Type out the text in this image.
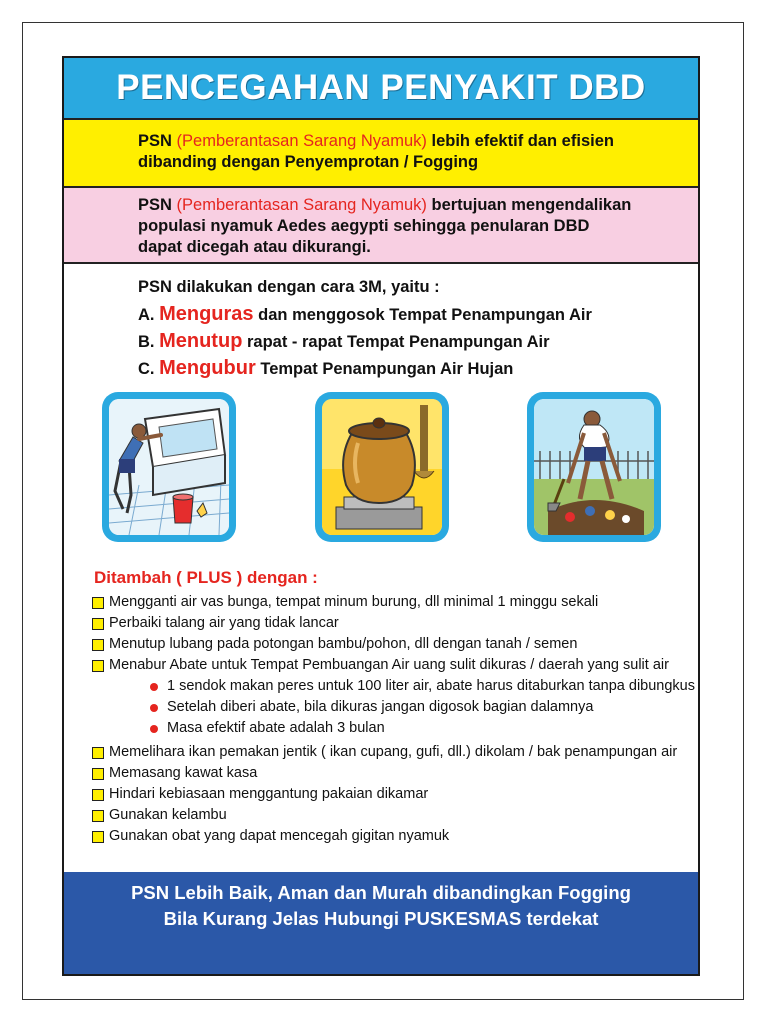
PENCEGAHAN PENYAKIT DBD
PSN (Pemberantasan Sarang Nyamuk) lebih efektif dan efisien
dibanding dengan Penyemprotan / Fogging
PSN (Pemberantasan Sarang Nyamuk) bertujuan mengendalikan
populasi nyamuk Aedes aegypti sehingga penularan DBD
dapat dicegah atau dikurangi.
PSN dilakukan dengan cara 3M, yaitu :
A. Menguras dan menggosok Tempat Penampungan Air
B. Menutup rapat - rapat Tempat Penampungan Air
C. Mengubur Tempat Penampungan Air Hujan
Ditambah ( PLUS ) dengan :
Mengganti air vas bunga, tempat minum burung, dll minimal 1 minggu sekali
Perbaiki talang air yang tidak lancar
Menutup lubang pada potongan bambu/pohon, dll dengan tanah / semen
Menabur Abate untuk Tempat Pembuangan Air uang sulit dikuras / daerah yang sulit air
1 sendok makan peres untuk 100 liter air, abate harus ditaburkan tanpa dibungkus
Setelah diberi abate, bila dikuras jangan digosok bagian dalamnya
Masa efektif abate adalah 3 bulan
Memelihara ikan pemakan jentik ( ikan cupang, gufi, dll.) dikolam / bak penampungan air
Memasang kawat kasa
Hindari kebiasaan menggantung pakaian dikamar
Gunakan kelambu
Gunakan obat yang dapat mencegah gigitan nyamuk
PSN Lebih Baik, Aman dan Murah dibandingkan Fogging
Bila Kurang Jelas Hubungi PUSKESMAS terdekat
